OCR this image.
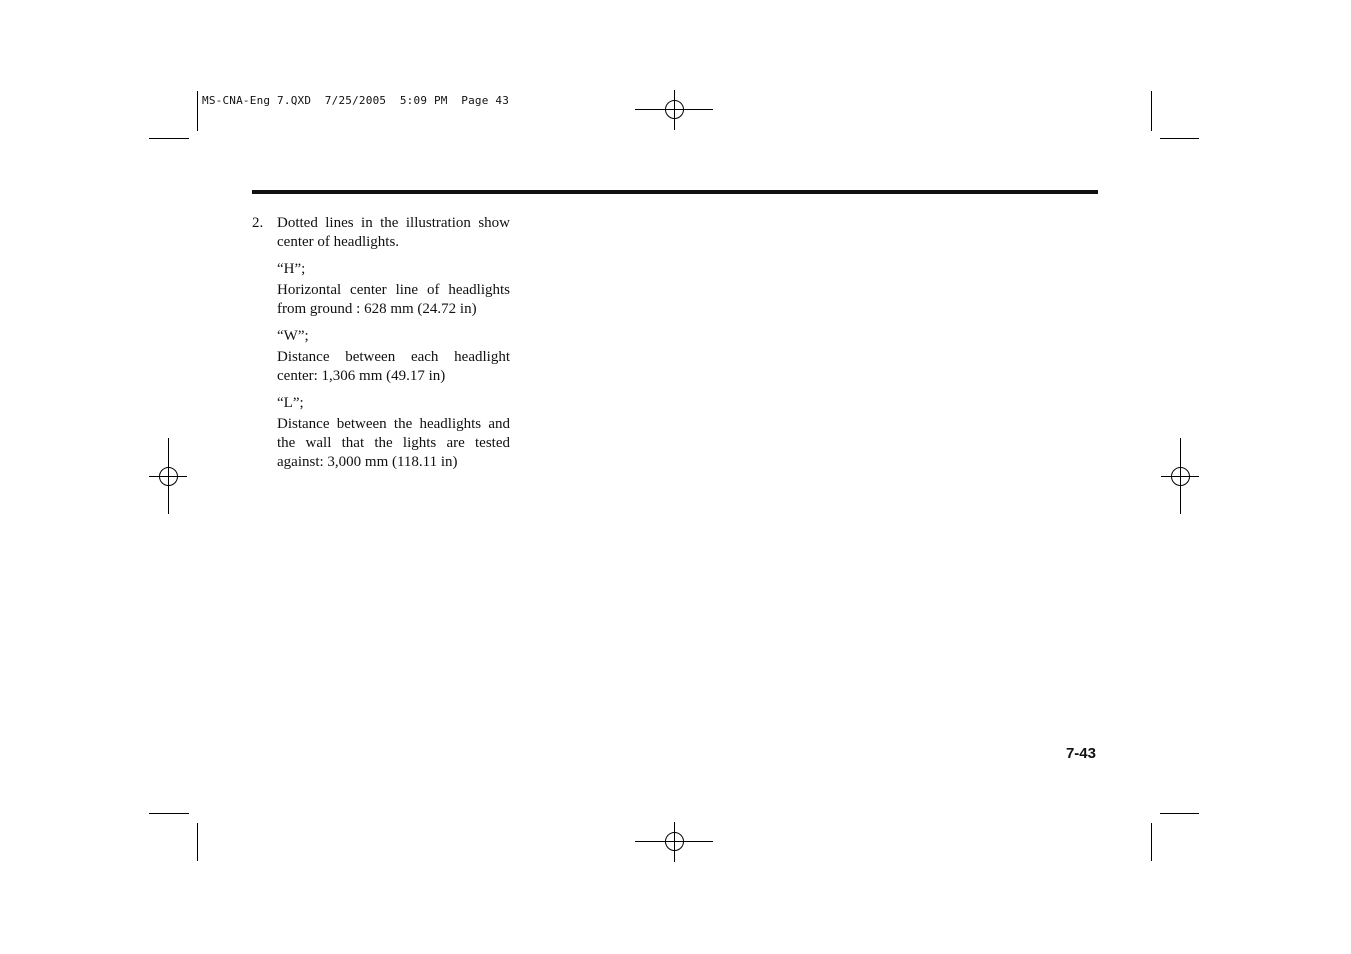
MS-CNA-Eng 7.QXD  7/25/2005  5:09 PM  Page 43
2. Dotted lines in the illustration show center of headlights.
“H”;
Horizontal center line of headlights from ground : 628 mm (24.72 in)
“W”;
Distance between each headlight center: 1,306 mm (49.17 in)
“L”;
Distance between the headlights and the wall that the lights are tested against: 3,000 mm (118.11 in)
7-43
